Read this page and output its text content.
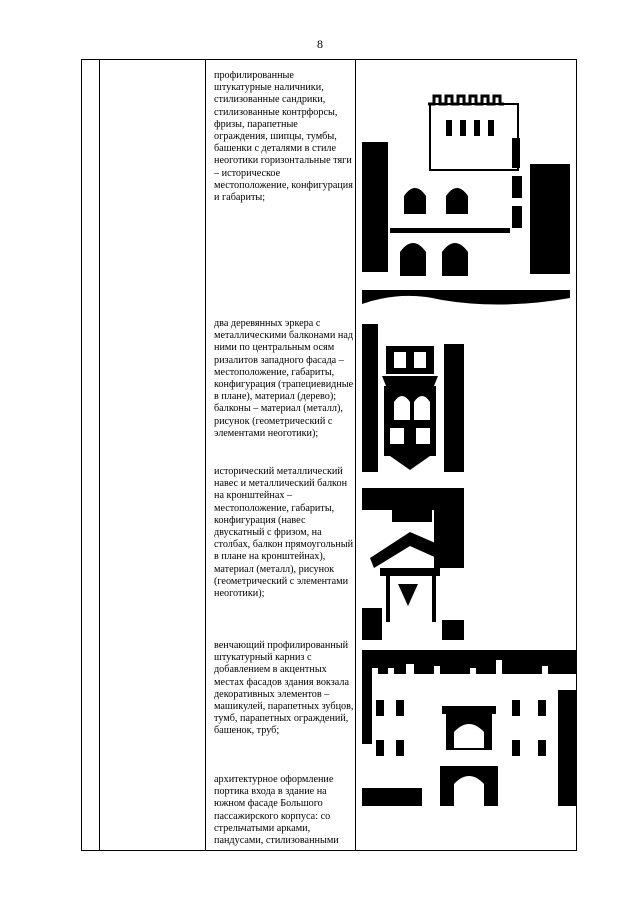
8
профилированные штукатурные наличники, стилизованные сандрики, стилизованные контрфорсы, фризы, парапетные ограждения, шипцы, тумбы, башенки с деталями в стиле неоготики горизонтальные тяги – историческое местоположение, конфигурация и габариты;
два деревянных эркера с металлическими балконами над ними по центральным осям ризалитов западного фасада – местоположение, габариты, конфигурация (трапециевидные в плане), материал (дерево); балконы – материал (металл), рисунок (геометрический с элементами неоготики);
исторический металлический навес и металлический балкон на кронштейнах – местоположение, габариты, конфигурация (навес двускатный с фризом, на столбах, балкон прямоугольный в плане на кронштейнах), материал (металл), рисунок (геометрический с элементами неоготики);
венчающий профилированный штукатурный карниз с добавлением в акцентных местах фасадов здания вокзала декоративных элементов – машикулей, парапетных зубцов, тумб, парапетных ограждений, башенок, труб;
архитектурное оформление портика входа в здание на южном фасаде Большого пассажирского корпуса: со стрельчатыми арками, пандусами, стилизованными
